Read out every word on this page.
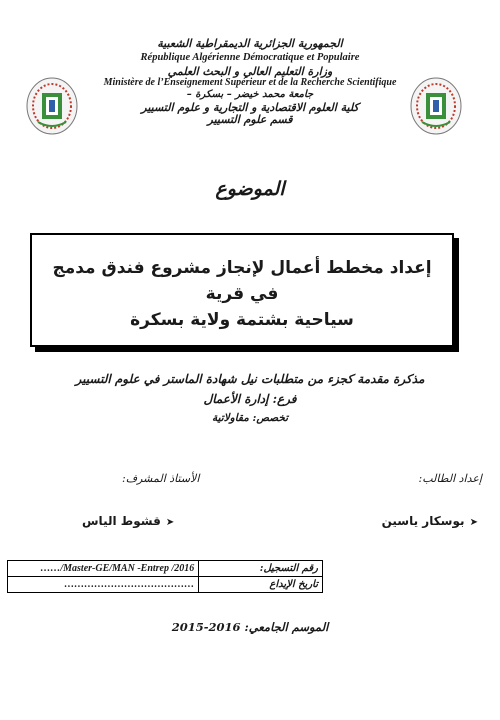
الجمهورية الجزائرية الديمقراطية الشعبية
République Algérienne Démocratique et Populaire
وزارة التعليم العالي و البحث العلمي
Ministère de l’Enseignement Supérieur et de la Recherche Scientifique
جامعة محمد خيضر – بسكرة –
كلية العلوم الاقتصادية و التجارية و علوم التسيير
قسم علوم التسيير
الموضوع
إعداد مخطط أعمال لإنجاز مشروع فندق مدمج في قرية
سياحية بشتمة ولاية بسكرة
مذكرة مقدمة كجزء من متطلبات نيل شهادة الماستر في علوم التسيير
فرع: إدارة الأعمال
تخصص: مقاولاتية
إعداد الطالب:
الأستاذ المشرف:
➤ بوسكار ياسين
➤ قشوط الياس
……/Master-GE/MAN -Entrep /2016	رقم التسجيل:
…………………………………	تاريخ الإيداع
الموسم الجامعي: 2016-2015
